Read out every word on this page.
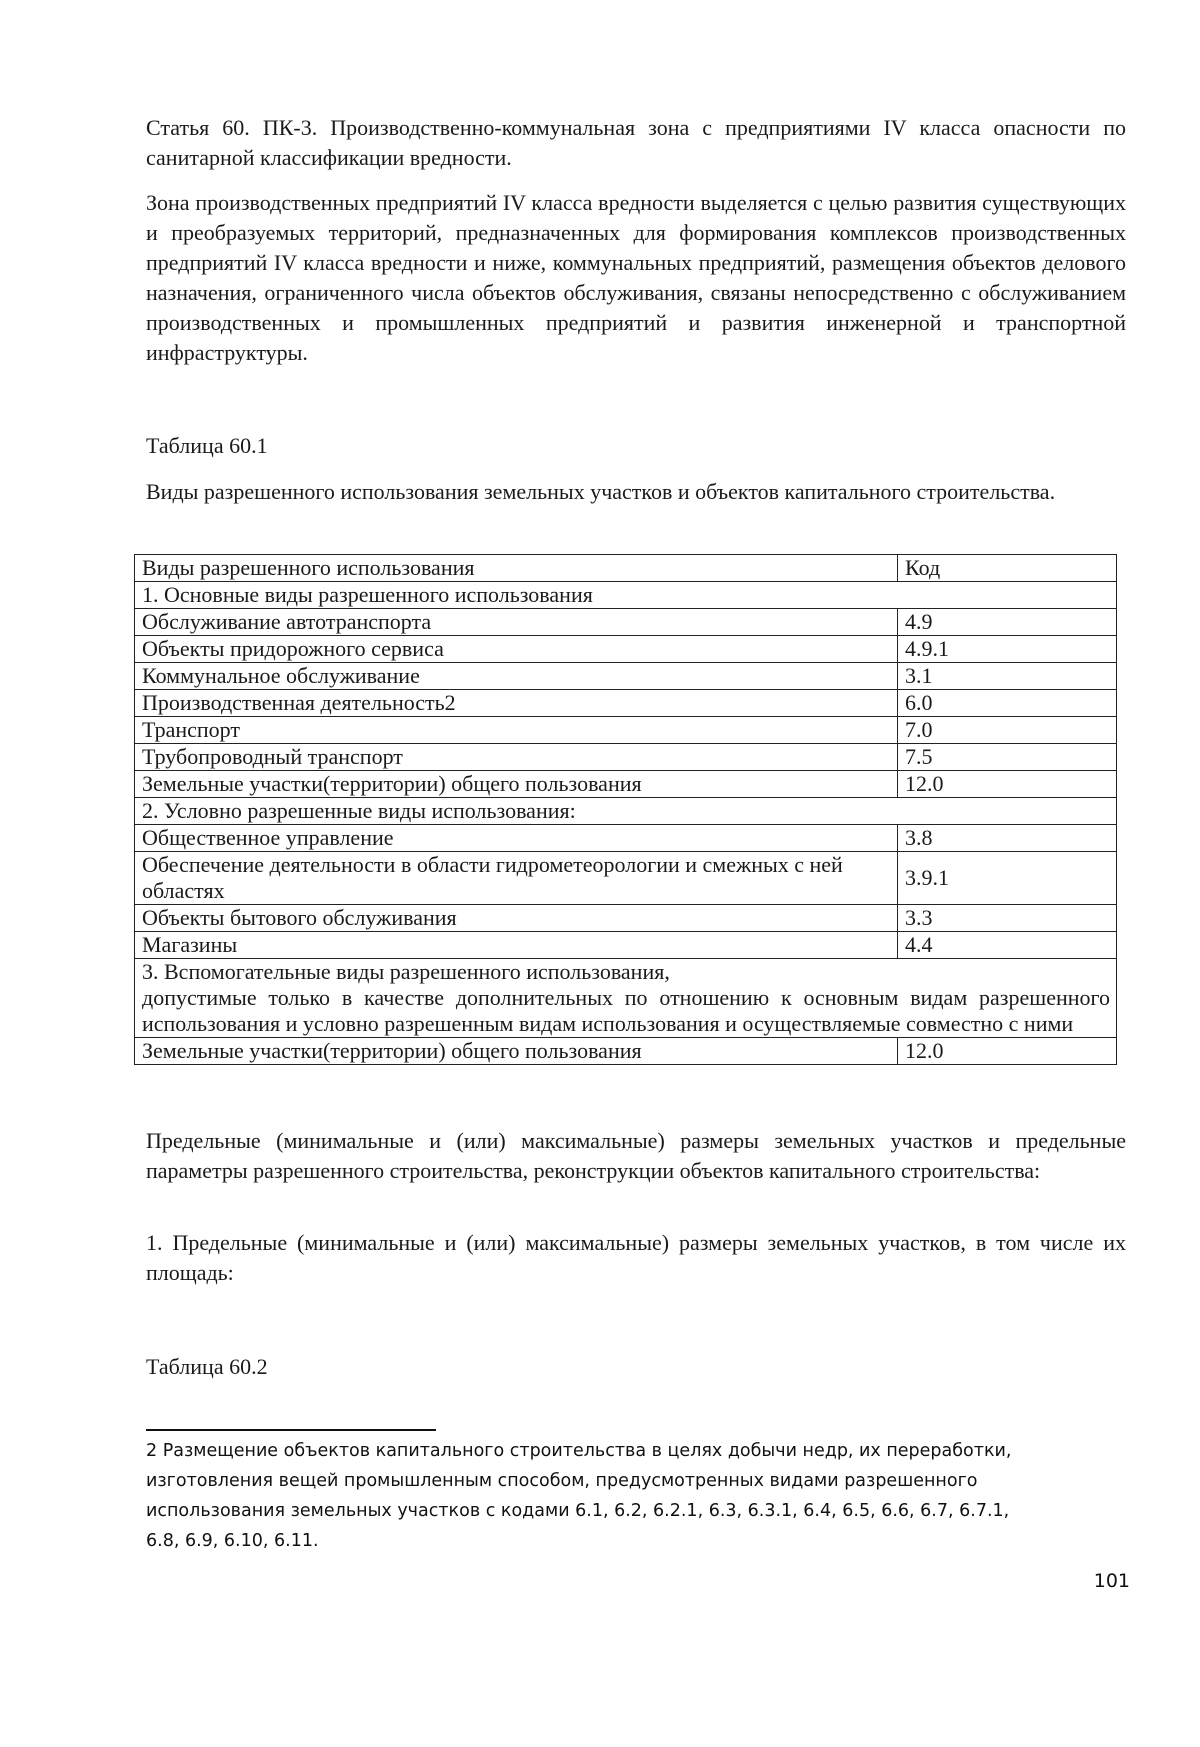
Статья 60. ПК-3. Производственно-коммунальная зона с предприятиями IV класса опасности по санитарной классификации вредности.

Зона производственных предприятий IV класса вредности выделяется с целью развития существующих и преобразуемых территорий, предназначенных для формирования комплексов производственных предприятий IV класса вредности и ниже, коммунальных предприятий, размещения объектов делового назначения, ограниченного числа объектов обслуживания, связаны непосредственно с обслуживанием производственных и промышленных предприятий и развития инженерной и транспортной инфраструктуры.

Таблица 60.1

Виды разрешенного использования земельных участков и объектов капитального строительства.

Виды разрешенного использования	Код
1. Основные виды разрешенного использования	
Обслуживание автотранспорта	4.9
Объекты придорожного сервиса	4.9.1
Коммунальное обслуживание	3.1
Производственная деятельность2	6.0
Транспорт	7.0
Трубопроводный транспорт	7.5
Земельные участки(территории) общего пользования	12.0
2. Условно разрешенные виды использования:	
Общественное управление	3.8
Обеспечение деятельности в области гидрометеорологии и смежных с ней областях	3.9.1
Объекты бытового обслуживания	3.3
Магазины	4.4

3. Вспомогательные виды разрешенного использования,
допустимые только в качестве дополнительных по отношению к основным видам разрешенного использования и условно разрешенным видам использования и осуществляемые совместно с ними	

Земельные участки(территории) общего пользования	12.0

Предельные (минимальные и (или) максимальные) размеры земельных участков и предельные параметры разрешенного строительства, реконструкции объектов капитального строительства:

1. Предельные (минимальные и (или) максимальные) размеры земельных участков, в том числе их площадь:

Таблица 60.2
2 Размещение объектов капитального строительства в целях добычи недр, их переработки, изготовления вещей промышленным способом, предусмотренных видами разрешенного использования земельных участков с кодами 6.1, 6.2, 6.2.1, 6.3, 6.3.1, 6.4, 6.5, 6.6, 6.7, 6.7.1, 6.8, 6.9, 6.10, 6.11.
101
